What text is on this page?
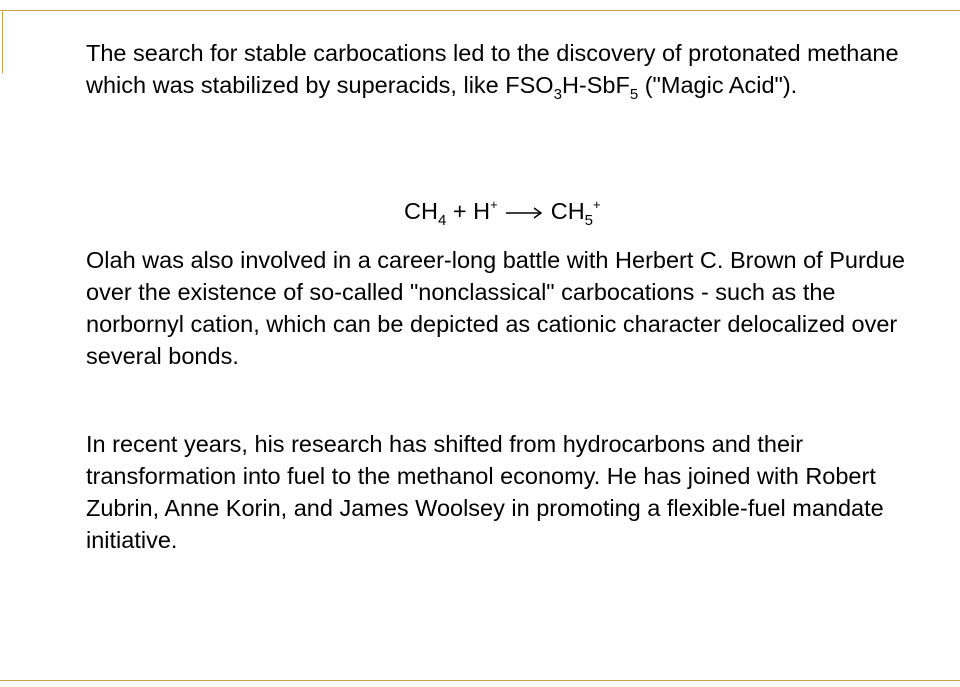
The search for stable carbocations led to the discovery of protonated methane which was stabilized by superacids, like $FSO_3H-SbF_5$ ("Magic Acid").

$CH_4 + H^+ \to CH_5^+$

Olah was also involved in a career-long battle with Herbert C. Brown of Purdue over the existence of so-called "nonclassical" carbocations - such as the norbornyl cation, which can be depicted as cationic character delocalized over several bonds.

In recent years, his research has shifted from hydrocarbons and their transformation into fuel to the methanol economy. He has joined with Robert Zubrin, Anne Korin, and James Woolsey in promoting a flexible-fuel mandate initiative.
